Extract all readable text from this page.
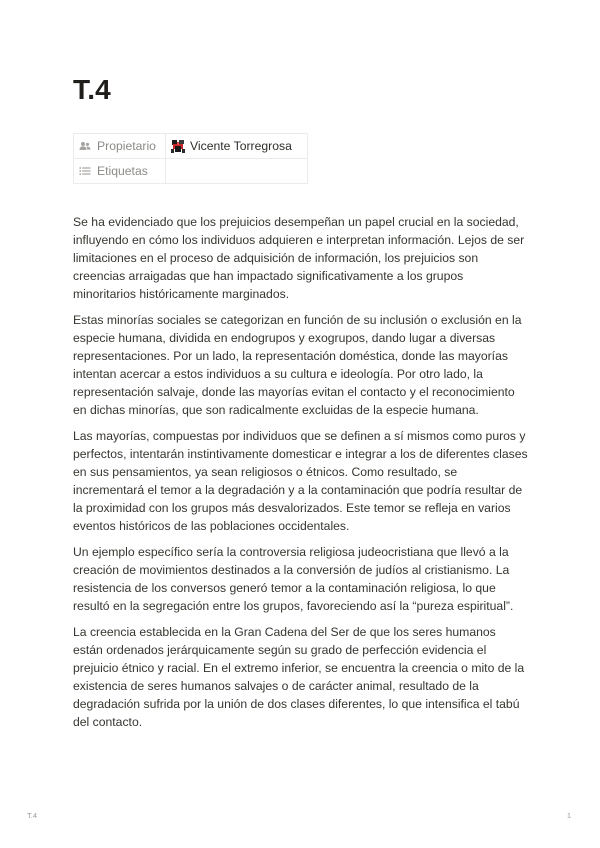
T.4
Propietario	Vicente Torregrosa
Etiquetas	

Se ha evidenciado que los prejuicios desempeñan un papel crucial en la sociedad, influyendo en cómo los individuos adquieren e interpretan información. Lejos de ser limitaciones en el proceso de adquisición de información, los prejuicios son creencias arraigadas que han impactado significativamente a los grupos minoritarios históricamente marginados.

Estas minorías sociales se categorizan en función de su inclusión o exclusión en la especie humana, dividida en endogrupos y exogrupos, dando lugar a diversas representaciones. Por un lado, la representación doméstica, donde las mayorías intentan acercar a estos individuos a su cultura e ideología. Por otro lado, la representación salvaje, donde las mayorías evitan el contacto y el reconocimiento en dichas minorías, que son radicalmente excluidas de la especie humana.

Las mayorías, compuestas por individuos que se definen a sí mismos como puros y perfectos, intentarán instintivamente domesticar e integrar a los de diferentes clases en sus pensamientos, ya sean religiosos o étnicos. Como resultado, se incrementará el temor a la degradación y a la contaminación que podría resultar de la proximidad con los grupos más desvalorizados. Este temor se refleja en varios eventos históricos de las poblaciones occidentales.

Un ejemplo específico sería la controversia religiosa judeocristiana que llevó a la creación de movimientos destinados a la conversión de judíos al cristianismo. La resistencia de los conversos generó temor a la contaminación religiosa, lo que resultó en la segregación entre los grupos, favoreciendo así la “pureza espiritual”.

La creencia establecida en la Gran Cadena del Ser de que los seres humanos están ordenados jerárquicamente según su grado de perfección evidencia el prejuicio étnico y racial. En el extremo inferior, se encuentra la creencia o mito de la existencia de seres humanos salvajes o de carácter animal, resultado de la degradación sufrida por la unión de dos clases diferentes, lo que intensifica el tabú del contacto.

T.4	1
